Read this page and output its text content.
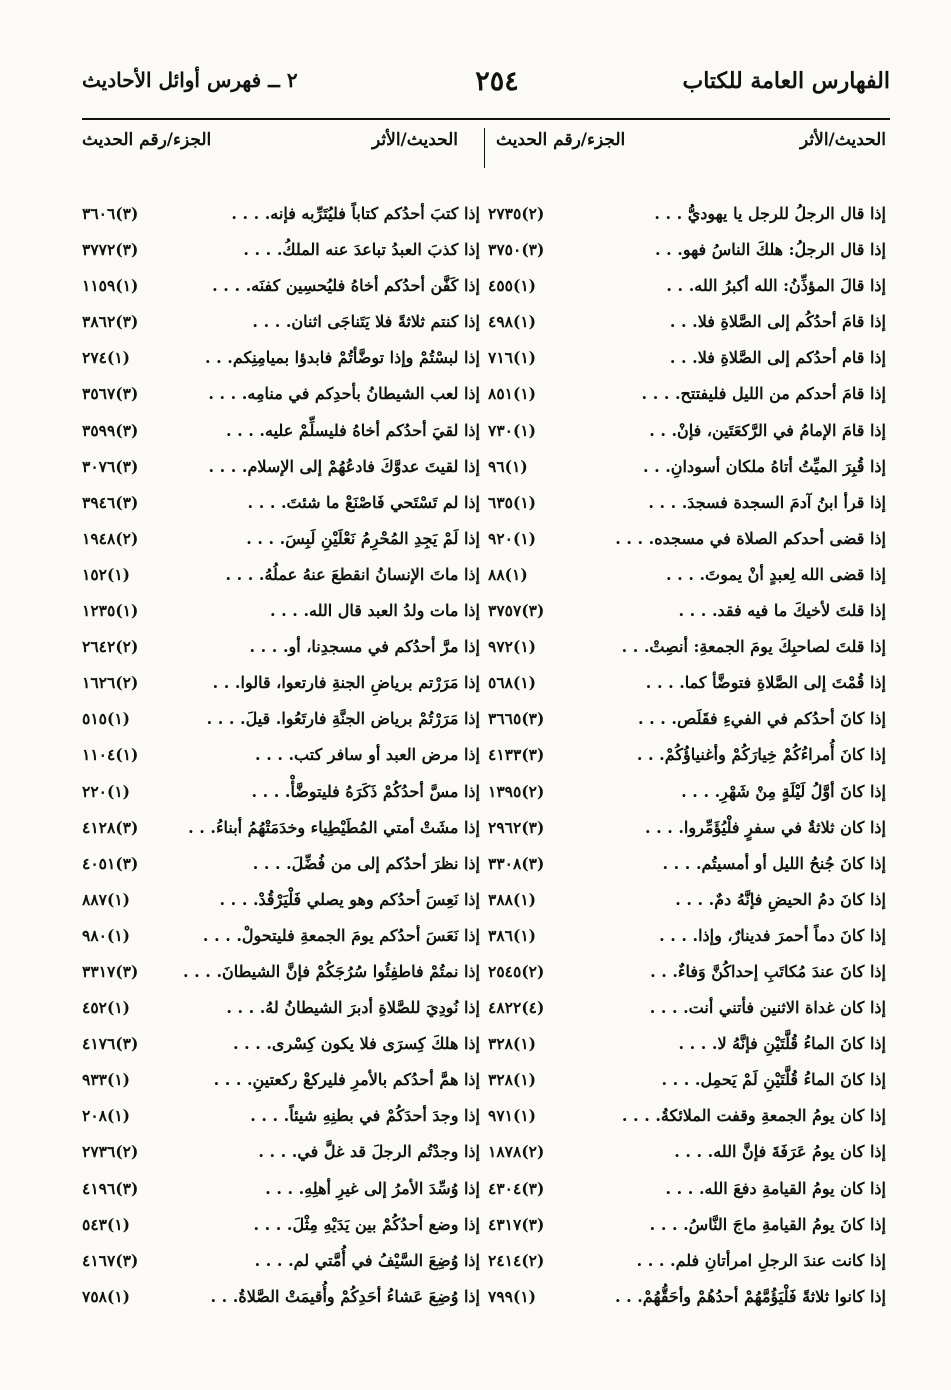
الفهارس العامة للكتاب
٢٥٤
٢ ــ فهرس أوائل الأحاديث
الحديث/الأثر
الجزء/رقم الحديث
الحديث/الأثر
الجزء/رقم الحديث
إذا قال الرجلُ للرجل يا يهوديُّ . . .
(٢)٢٧٣٥
إذا قال الرجلُ: هلكَ الناسُ فهو. . .
(٣)٣٧٥٠
إذا قالَ المؤذِّنُ: الله أكبرُ الله. . .
(١)٤٥٥
إذا قامَ أحدُكُم إلى الصَّلاةِ فلا. . .
(١)٤٩٨
إذا قام أحدُكم إلى الصَّلاةِ فلا. . .
(١)٧١٦
إذا قامَ أحدكم من الليل فليفتتح. . . .
(١)٨٥١
إذا قامَ الإمامُ في الرَّكعَتَين، فإنْ. . .
(١)٧٣٠
إذا قُبِرَ الميِّتُ أتاهُ ملكان أسودانِ. . .
(١)٩٦
إذا قرأ ابنُ آدمَ السجدة فسجدَ. . . .
(١)٦٣٥
إذا قضى أحدكم الصلاة في مسجده. . . .
(١)٩٢٠
إذا قضى الله لِعبدٍ أنْ يموتَ. . . .
(١)٨٨
إذا قلتَ لأخيكَ ما فيه فقد. . . .
(٣)٣٧٥٧
إذا قلتَ لصاحبِكَ يومَ الجمعةِ: أنصِتْ. . .
(١)٩٧٢
إذا قُمْتَ إلى الصَّلاةِ فتوضَّأ كما. . . .
(١)٥٦٨
إذا كانَ أحدُكم في الفيءِ فقَلَص. . . .
(٣)٣٦٦٥
إذا كانَ أُمراءُكُمْ خِيارَكُمْ وأغنياؤُكُمْ. . .
(٣)٤١٣٣
إذا كانَ أوَّلُ لَيْلَةٍ مِنْ شَهْرِ. . . .
(٢)١٣٩٥
إذا كان ثلاثةٌ في سفرٍ فلْيُؤَمِّروا. . . .
(٣)٢٩٦٢
إذا كانَ جُنحُ الليل أو أمسيتُم. . . .
(٣)٣٣٠٨
إذا كانَ دمُ الحيضِ فإنَّهُ دمٌ. . . .
(١)٣٨٨
إذا كانَ دماً أحمرَ فدينارٌ، وإذا. . . .
(١)٣٨٦
إذا كانَ عندَ مُكاتَبِ إحداكُنَّ وَفاءٌ. . .
(٢)٢٥٤٥
إذا كان غداة الاثنين فأتني أنت. . . .
(٤)٤٨٢٢
إذا كانَ الماءُ قُلَّتَيْنِ فإنَّهُ لا. . . .
(١)٣٢٨
إذا كانَ الماءُ قُلَّتَيْنِ لَمْ يَحمِل. . . .
(١)٣٢٨
إذا كان يومُ الجمعةِ وقفت الملائكةُ. . . .
(١)٩٧١
إذا كان يومُ عَرَفَةَ فإنَّ الله. . . .
(٢)١٨٧٨
إذا كان يومُ القيامةِ دفعَ الله. . . .
(٣)٤٣٠٤
إذا كانَ يومُ القيامةِ ماجَ النَّاسُ. . . .
(٣)٤٣١٧
إذا كانت عندَ الرجلِ امرأتانِ فلم. . . .
(٢)٢٤١٤
إذا كانوا ثلاثةً فَلْيَؤُمَّهُمْ أحدُهُمْ وأحَقُّهُمْ. . .
(١)٧٩٩
إذا كتبَ أحدُكم كتاباً فليُتَرِّبه فإنه. . . .
(٣)٣٦٠٦
إذا كذبَ العبدُ تباعدَ عنه الملكُ. . . .
(٣)٣٧٧٢
إذا كَفَّن أحدُكم أخاهُ فليُحسِين كفنَه. . . .
(١)١١٥٩
إذا كنتم ثلاثةً فلا يَتَناجَى اثنان. . . .
(٣)٣٨٦٢
إذا لبسْتُمْ وإذا توضَّأتُمْ فابدؤا بميامِنِكم. . .
(١)٢٧٤
إذا لعب الشيطانُ بأحدِكم في منامِه. . . .
(٣)٣٥٦٧
إذا لقيَ أحدُكم أخاهُ فليسلِّمْ عليه. . . .
(٣)٣٥٩٩
إذا لقيتَ عدوَّكَ فادعُهُمْ إلى الإسلام. . . .
(٣)٣٠٧٦
إذا لم تَسْتَحي فَاصْنَعْ ما شئتَ. . . .
(٣)٣٩٤٦
إذا لَمْ يَجِدِ المُحْرِمُ نَعْلَيْنِ لَبِسَ. . . .
(٢)١٩٤٨
إذا ماتَ الإنسانُ انقطعَ عنهُ عملُهُ. . . .
(١)١٥٢
إذا مات ولدُ العبد قال الله. . . .
(١)١٢٣٥
إذا مرَّ أحدُكم في مسجدِنا، أو. . . .
(٢)٢٦٤٢
إذا مَرَرْتم برياضِ الجنةِ فارتعوا، قالوا. . .
(٢)١٦٢٦
إذا مَرَرْتُمْ برياض الجنَّةِ فارتَعُوا. قيلَ. . . .
(١)٥١٥
إذا مرض العبد أو سافر كتب. . . .
(١)١١٠٤
إذا مسَّ أحدُكُمْ ذَكَرَهُ فليتوضَّأْ. . . .
(١)٢٢٠
إذا مشَتْ أمتي المُطَيْطِياء وخدَمَتْهُمُ أبناءُ. . .
(٣)٤١٢٨
إذا نظرَ أحدُكم إلى من فُضِّلَ. . . .
(٣)٤٠٥١
إذا نَعِسَ أحدُكم وهو يصلي فَلْيَرْقُدْ. . . .
(١)٨٨٧
إذا نَعَسَ أحدُكم يومَ الجمعةِ فليتحولْ. . . .
(١)٩٨٠
إذا نمتُمْ فاطفِئُوا سُرُجَكُمْ فإنَّ الشيطانَ. . . .
(٣)٣٣١٧
إذا نُودِيَ للصَّلاةِ أدبرَ الشيطانُ لهُ. . . .
(١)٤٥٢
إذا هلكَ كِسرَى فلا يكون كِسْرى. . . .
(٣)٤١٧٦
إذا همَّ أحدُكم بالأمرِ فليركعْ ركعتينِ. . . .
(١)٩٣٣
إذا وجدَ أحدَكُمْ في بطنِهِ شيئاً. . . .
(١)٢٠٨
إذا وجدْتُم الرجلَ قد غلَّ في. . . .
(٢)٢٧٣٦
إذا وُسِّدَ الأمرُ إلى غيرِ أهلِهِ. . . .
(٣)٤١٩٦
إذا وضع أحدُكُمْ بين يَدَيْهِ مِثْلَ. . . .
(١)٥٤٣
إذا وُضِعَ السَّيْفُ في أُمَّتي لم. . . .
(٣)٤١٦٧
إذا وُضِعَ عَشاءُ أحَدِكُمْ وأُقيمَتْ الصَّلاةُ. . .
(١)٧٥٨
